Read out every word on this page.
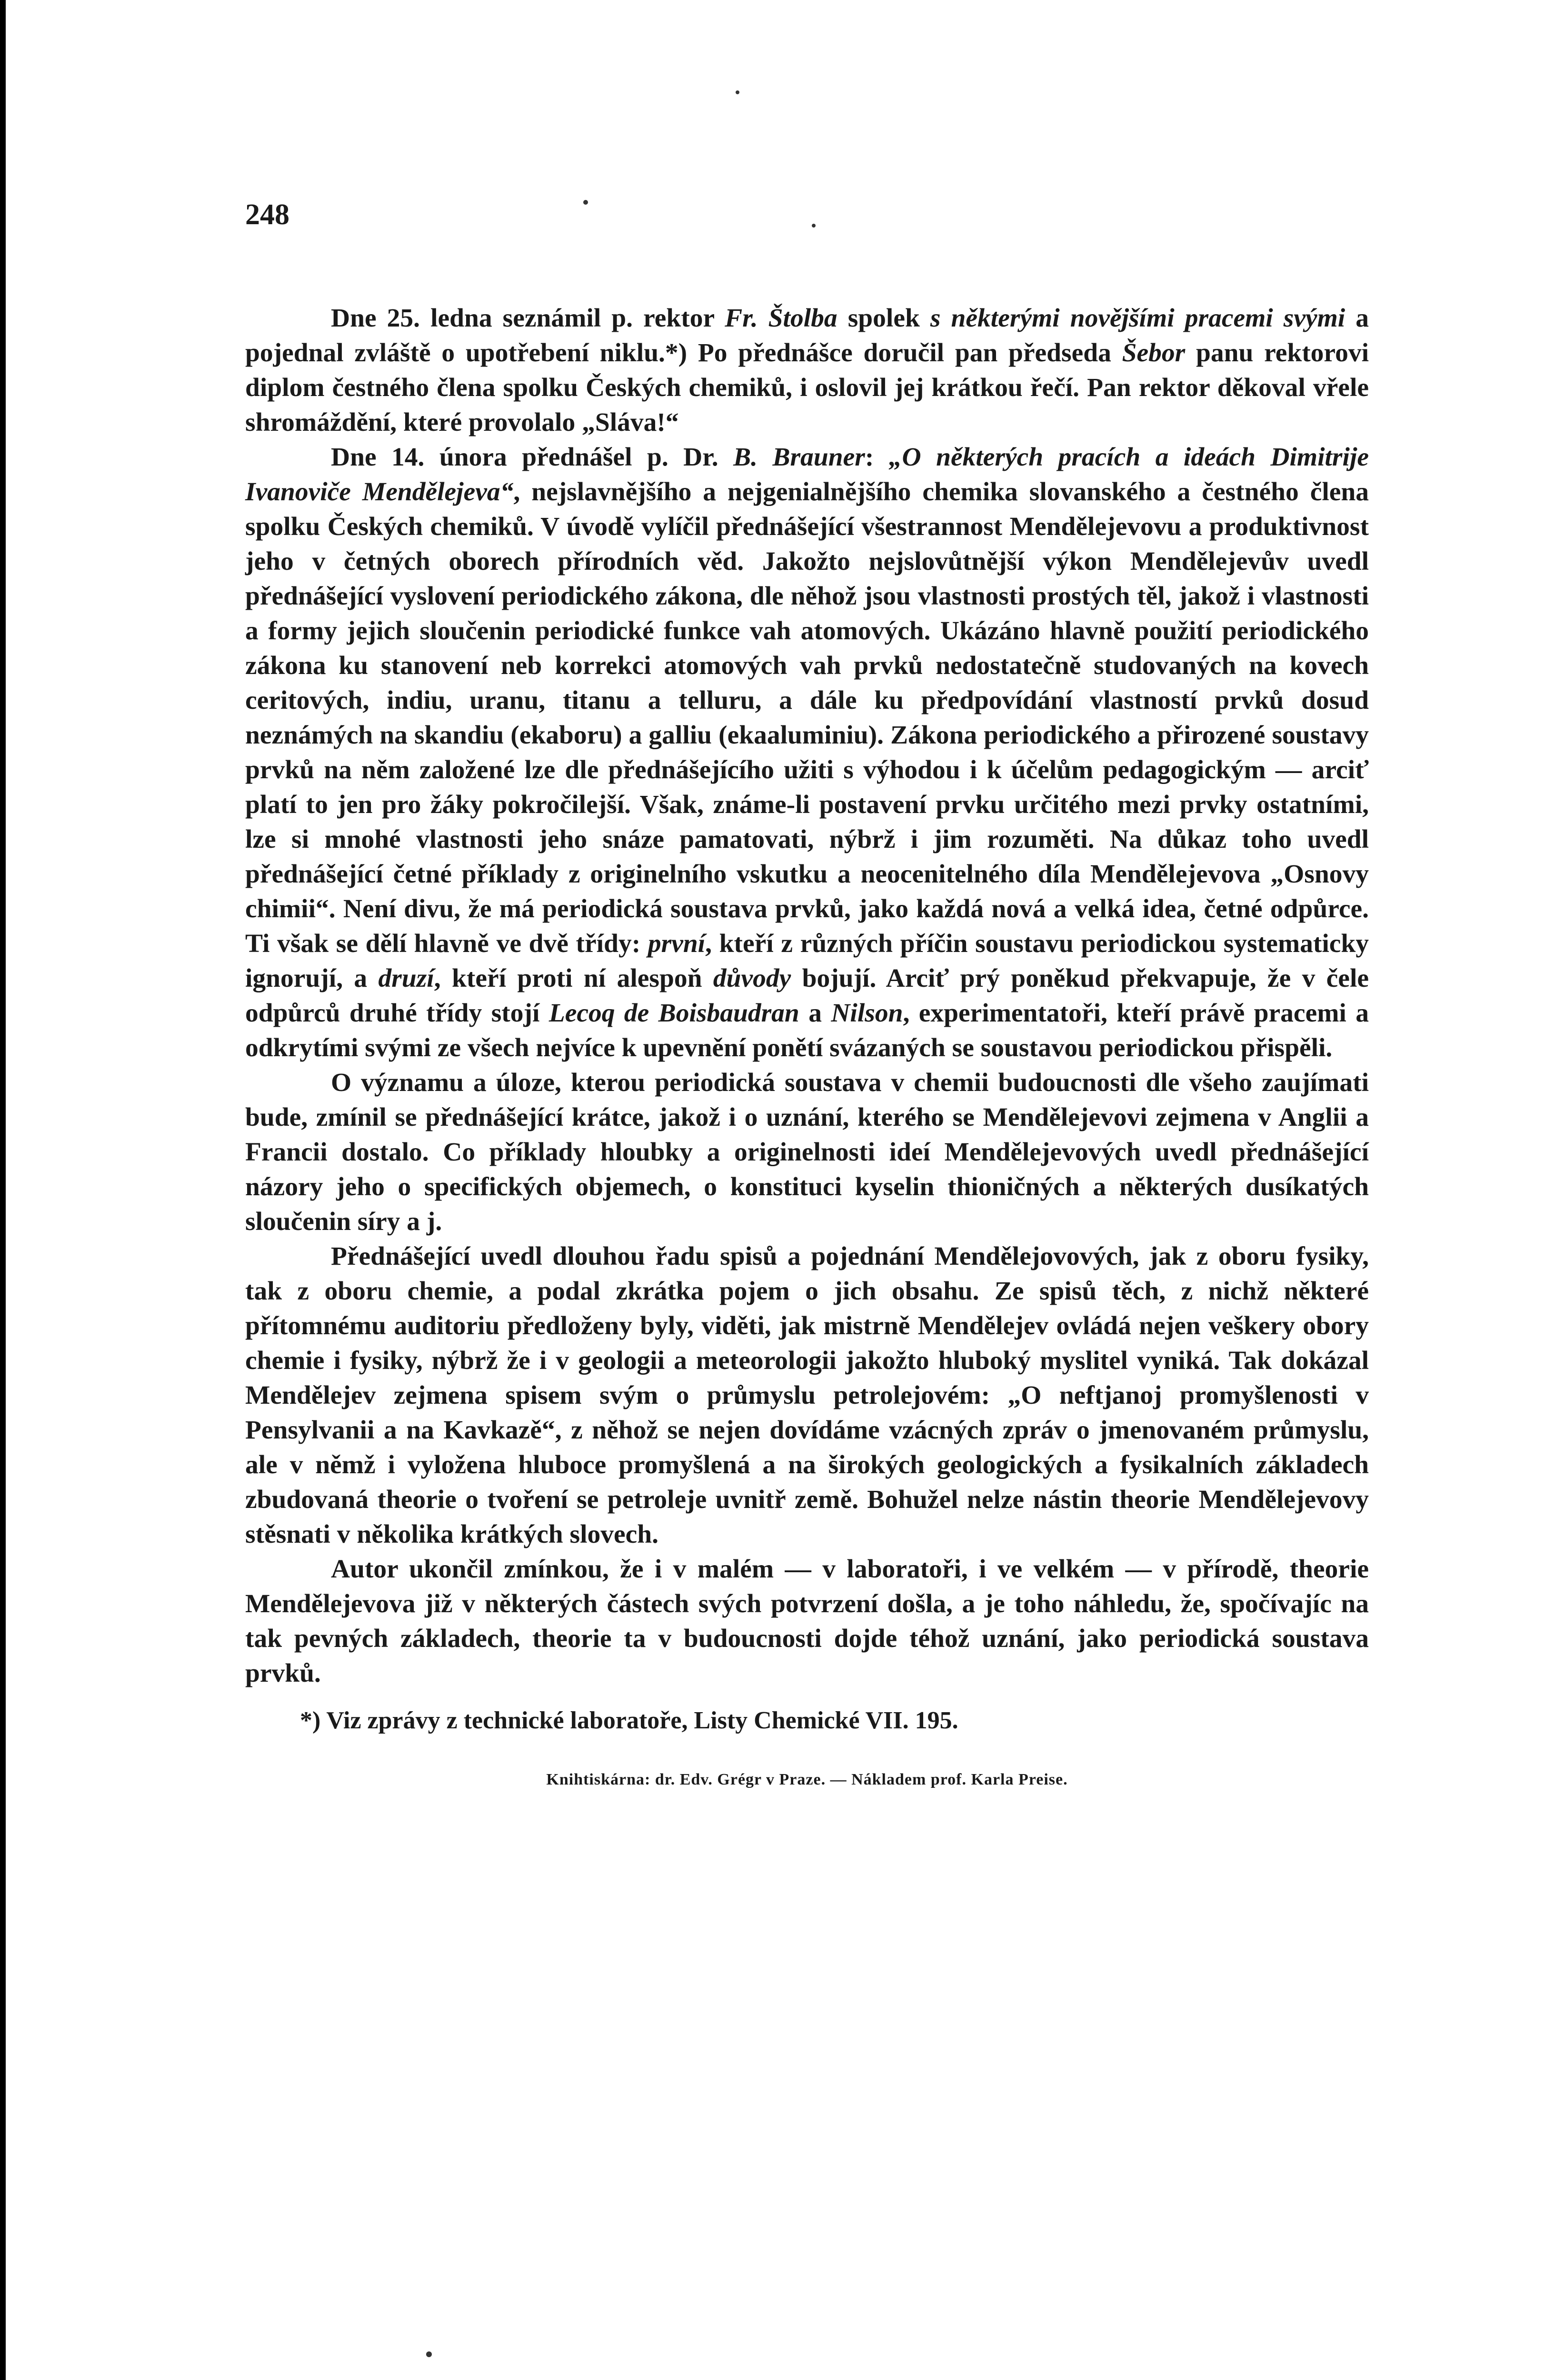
248

Dne 25. ledna seznámil p. rektor Fr. Štolba spolek s některými novějšími pracemi svými a pojednal zvláště o upotřebení niklu.*) Po přednášce doručil pan předseda Šebor panu rektorovi diplom čestného člena spolku Českých chemiků, i oslovil jej krátkou řečí. Pan rektor děkoval vřele shromáždění, které provolalo „Sláva!“

Dne 14. února přednášel p. Dr. B. Brauner: „O některých pracích a ideách Dimitrije Ivanoviče Mendělejeva“, nejslavnějšího a nejgenialnějšího chemika slovanského a čestného člena spolku Českých chemiků. V úvodě vylíčil přednášející všestrannost Mendělejevovu a produktivnost jeho v četných oborech přírodních věd. Jakožto nejslovůtnější výkon Mendělejevův uvedl přednášející vyslovení periodického zákona, dle něhož jsou vlastnosti prostých těl, jakož i vlastnosti a formy jejich sloučenin periodické funkce vah atomových. Ukázáno hlavně použití periodického zákona ku stanovení neb korrekci atomových vah prvků nedostatečně studovaných na kovech ceritových, indiu, uranu, titanu a telluru, a dále ku předpovídání vlastností prvků dosud neznámých na skandiu (ekaboru) a galliu (ekaaluminiu). Zákona periodického a přirozené soustavy prvků na něm založené lze dle přednášejícího užiti s výhodou i k účelům pedagogickým — arciť platí to jen pro žáky pokročilejší. Však, známe-li postavení prvku určitého mezi prvky ostatními, lze si mnohé vlastnosti jeho snáze pamatovati, nýbrž i jim rozuměti. Na důkaz toho uvedl přednášející četné příklady z originelního vskutku a neocenitelného díla Mendělejevova „Osnovy chimii“. Není divu, že má periodická soustava prvků, jako každá nová a velká idea, četné odpůrce. Ti však se dělí hlavně ve dvě třídy: první, kteří z různých příčin soustavu periodickou systematicky ignorují, a druzí, kteří proti ní alespoň důvody bojují. Arciť prý poněkud překvapuje, že v čele odpůrců druhé třídy stojí Lecoq de Boisbaudran a Nilson, experimentatoři, kteří právě pracemi a odkrytími svými ze všech nejvíce k upevnění ponětí svázaných se soustavou periodickou přispěli.

O významu a úloze, kterou periodická soustava v chemii budoucnosti dle všeho zaujímati bude, zmínil se přednášející krátce, jakož i o uznání, kterého se Mendělejevovi zejmena v Anglii a Francii dostalo. Co příklady hloubky a originelnosti ideí Mendělejevových uvedl přednášející názory jeho o specifických objemech, o konstituci kyselin thioničných a některých dusíkatých sloučenin síry a j.

Přednášející uvedl dlouhou řadu spisů a pojednání Mendělejovových, jak z oboru fysiky, tak z oboru chemie, a podal zkrátka pojem o jich obsahu. Ze spisů těch, z nichž některé přítomnému auditoriu předloženy byly, viděti, jak mistrně Mendělejev ovládá nejen veškery obory chemie i fysiky, nýbrž že i v geologii a meteorologii jakožto hluboký myslitel vyniká. Tak dokázal Mendělejev zejmena spisem svým o průmyslu petrolejovém: „O neftjanoj promyšlenosti v Pensylvanii a na Kavkazě“, z něhož se nejen dovídáme vzácných zpráv o jmenovaném průmyslu, ale v němž i vyložena hluboce promyšlená a na širokých geologických a fysikalních základech zbudovaná theorie o tvoření se petroleje uvnitř země. Bohužel nelze nástin theorie Mendělejevovy stěsnati v několika krátkých slovech.

Autor ukončil zmínkou, že i v malém — v laboratoři, i ve velkém — v přírodě, theorie Mendělejevova již v některých částech svých potvrzení došla, a je toho náhledu, že, spočívajíc na tak pevných základech, theorie ta v budoucnosti dojde téhož uznání, jako periodická soustava prvků.

*) Viz zprávy z technické laboratoře, Listy Chemické VII. 195.

Knihtiskárna: dr. Edv. Grégr v Praze. — Nákladem prof. Karla Preise.
